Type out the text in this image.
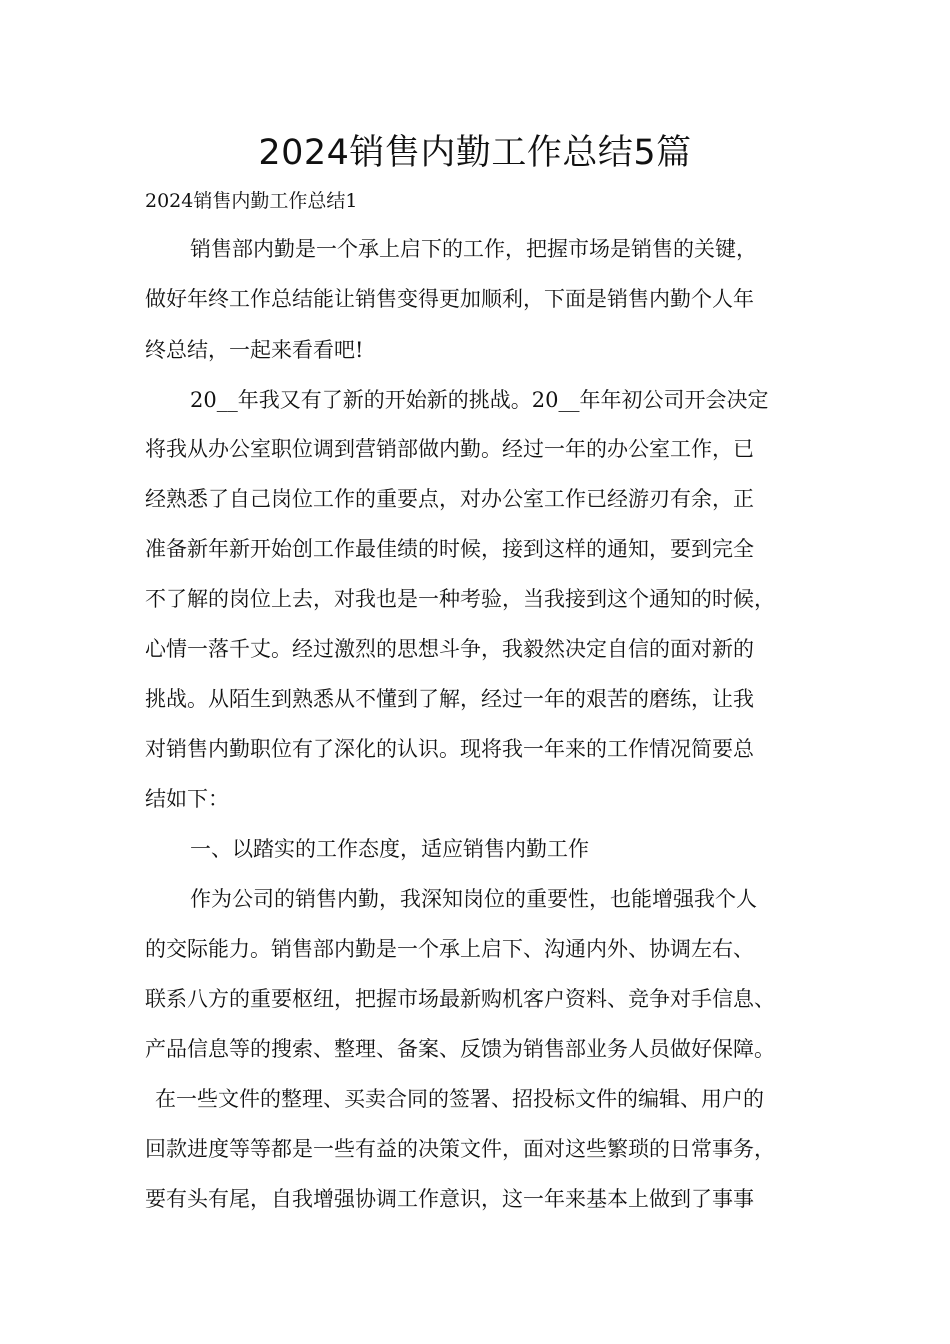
2024销售内勤工作总结5篇
2024销售内勤工作总结1
销售部内勤是一个承上启下的工作，把握市场是销售的关键，
做好年终工作总结能让销售变得更加顺利，下面是销售内勤个人年
终总结，一起来看看吧!
20__年我又有了新的开始新的挑战。20__年年初公司开会决定
将我从办公室职位调到营销部做内勤。经过一年的办公室工作，已
经熟悉了自己岗位工作的重要点，对办公室工作已经游刃有余，正
准备新年新开始创工作最佳绩的时候，接到这样的通知，要到完全
不了解的岗位上去，对我也是一种考验，当我接到这个通知的时候，
心情一落千丈。经过激烈的思想斗争，我毅然决定自信的面对新的
挑战。从陌生到熟悉从不懂到了解，经过一年的艰苦的磨练，让我
对销售内勤职位有了深化的认识。现将我一年来的工作情况简要总
结如下：
一、以踏实的工作态度，适应销售内勤工作
作为公司的销售内勤，我深知岗位的重要性，也能增强我个人
的交际能力。销售部内勤是一个承上启下、沟通内外、协调左右、
联系八方的重要枢纽，把握市场最新购机客户资料、竞争对手信息、
产品信息等的搜索、整理、备案、反馈为销售部业务人员做好保障。
在一些文件的整理、买卖合同的签署、招投标文件的编辑、用户的
回款进度等等都是一些有益的决策文件，面对这些繁琐的日常事务，
要有头有尾，自我增强协调工作意识，这一年来基本上做到了事事
